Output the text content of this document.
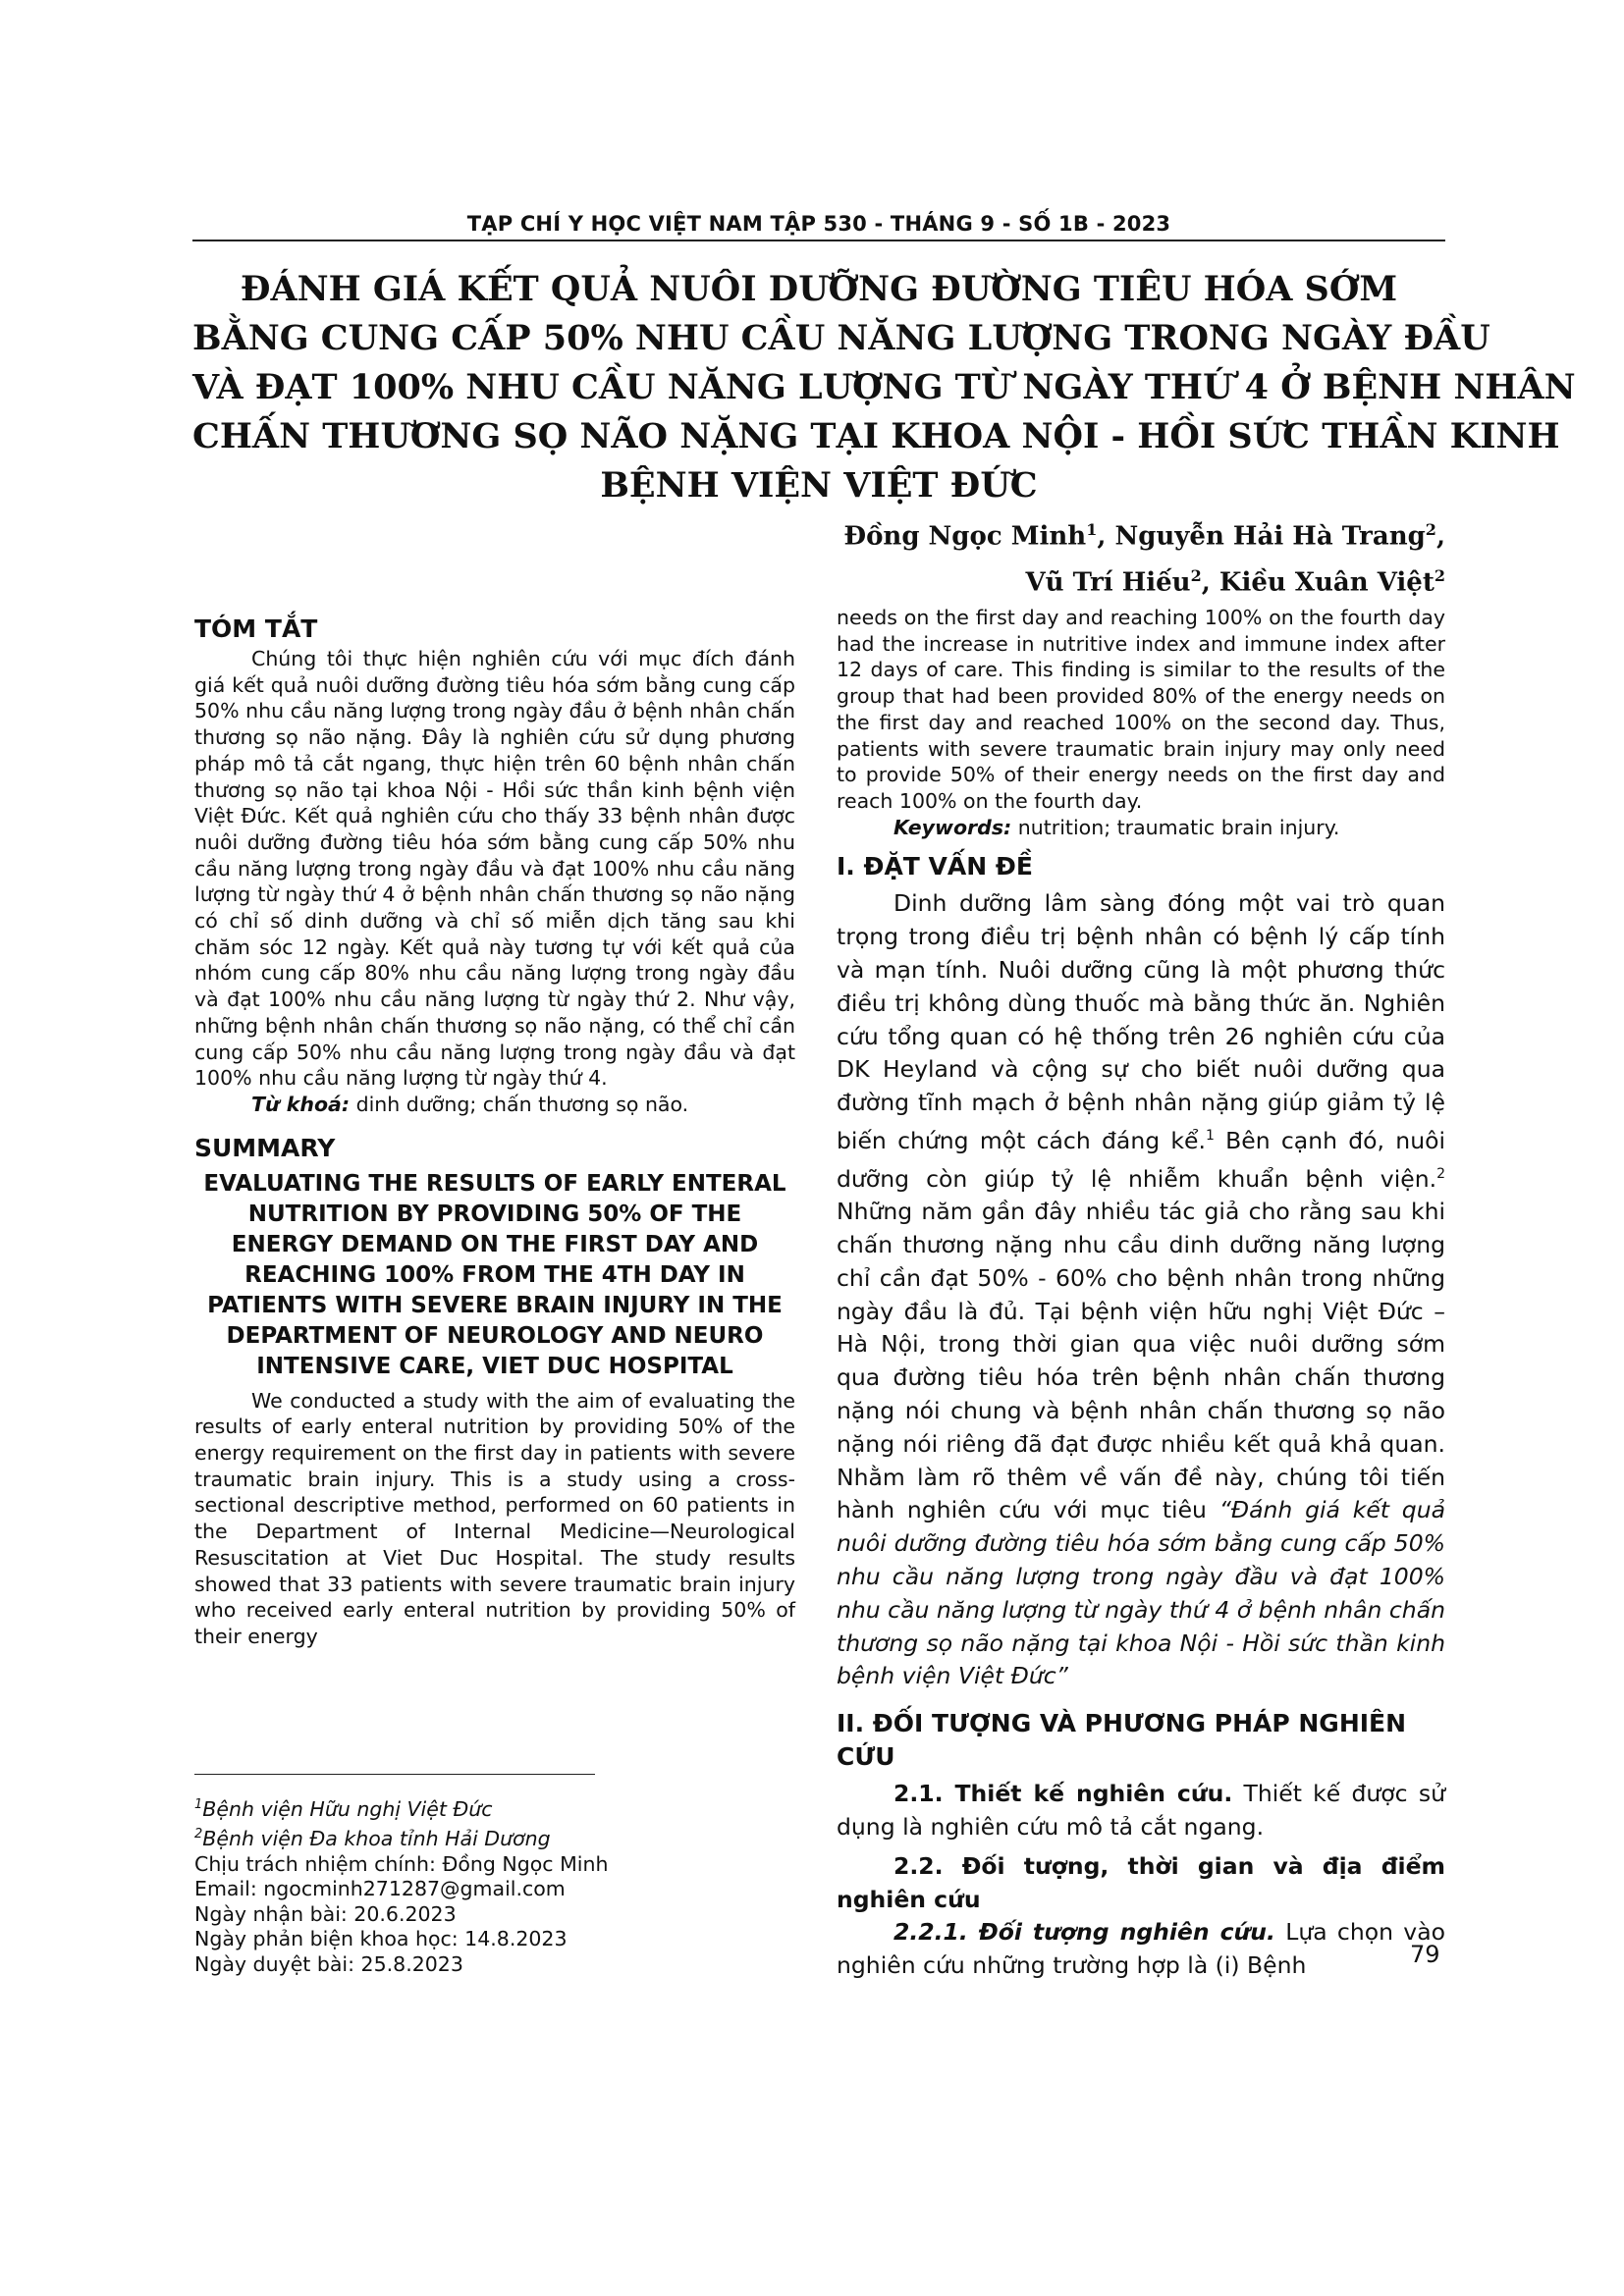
TẠP CHÍ Y HỌC VIỆT NAM TẬP 530 - THÁNG 9 - SỐ 1B - 2023
ĐÁNH GIÁ KẾT QUẢ NUÔI DƯỠNG ĐƯỜNG TIÊU HÓA SỚM
BẰNG CUNG CẤP 50% NHU CẦU NĂNG LƯỢNG TRONG NGÀY ĐẦU
VÀ ĐẠT 100% NHU CẦU NĂNG LƯỢNG TỪ NGÀY THỨ 4 Ở BỆNH NHÂN
CHẤN THƯƠNG SỌ NÃO NẶNG TẠI KHOA NỘI - HỒI SỨC THẦN KINH
BỆNH VIỆN VIỆT ĐỨC
Đồng Ngọc Minh$^1$, Nguyễn Hải Hà Trang$^2$,
Vũ Trí Hiếu$^2$, Kiều Xuân Việt$^2$
TÓM TẮT

Chúng tôi thực hiện nghiên cứu với mục đích đánh giá kết quả nuôi dưỡng đường tiêu hóa sớm bằng cung cấp 50% nhu cầu năng lượng trong ngày đầu ở bệnh nhân chấn thương sọ não nặng. Đây là nghiên cứu sử dụng phương pháp mô tả cắt ngang, thực hiện trên 60 bệnh nhân chấn thương sọ não tại khoa Nội - Hồi sức thần kinh bệnh viện Việt Đức. Kết quả nghiên cứu cho thấy 33 bệnh nhân được nuôi dưỡng đường tiêu hóa sớm bằng cung cấp 50% nhu cầu năng lượng trong ngày đầu và đạt 100% nhu cầu năng lượng từ ngày thứ 4 ở bệnh nhân chấn thương sọ não nặng có chỉ số dinh dưỡng và chỉ số miễn dịch tăng sau khi chăm sóc 12 ngày. Kết quả này tương tự với kết quả của nhóm cung cấp 80% nhu cầu năng lượng trong ngày đầu và đạt 100% nhu cầu năng lượng từ ngày thứ 2. Như vậy, những bệnh nhân chấn thương sọ não nặng, có thể chỉ cần cung cấp 50% nhu cầu năng lượng trong ngày đầu và đạt 100% nhu cầu năng lượng từ ngày thứ 4.

Từ khoá: dinh dưỡng; chấn thương sọ não.

SUMMARY
EVALUATING THE RESULTS OF EARLY ENTERAL NUTRITION BY PROVIDING 50% OF THE ENERGY DEMAND ON THE FIRST DAY AND REACHING 100% FROM THE 4TH DAY IN PATIENTS WITH SEVERE BRAIN INJURY IN THE DEPARTMENT OF NEUROLOGY AND NEURO INTENSIVE CARE, VIET DUC HOSPITAL

We conducted a study with the aim of evaluating the results of early enteral nutrition by providing 50% of the energy requirement on the first day in patients with severe traumatic brain injury. This is a study using a cross-sectional descriptive method, performed on 60 patients in the Department of Internal Medicine—Neurological Resuscitation at Viet Duc Hospital. The study results showed that 33 patients with severe traumatic brain injury who received early enteral nutrition by providing 50% of their energy

$^1$Bệnh viện Hữu nghị Việt Đức
$^2$Bệnh viện Đa khoa tỉnh Hải Dương
Chịu trách nhiệm chính: Đồng Ngọc Minh
Email: ngocminh271287@gmail.com
Ngày nhận bài: 20.6.2023
Ngày phản biện khoa học: 14.8.2023
Ngày duyệt bài: 25.8.2023

needs on the first day and reaching 100% on the fourth day had the increase in nutritive index and immune index after 12 days of care. This finding is similar to the results of the group that had been provided 80% of the energy needs on the first day and reached 100% on the second day. Thus, patients with severe traumatic brain injury may only need to provide 50% of their energy needs on the first day and reach 100% on the fourth day.

Keywords: nutrition; traumatic brain injury.

I. ĐẶT VẤN ĐỀ

Dinh dưỡng lâm sàng đóng một vai trò quan trọng trong điều trị bệnh nhân có bệnh lý cấp tính và mạn tính. Nuôi dưỡng cũng là một phương thức điều trị không dùng thuốc mà bằng thức ăn. Nghiên cứu tổng quan có hệ thống trên 26 nghiên cứu của DK Heyland và cộng sự cho biết nuôi dưỡng qua đường tĩnh mạch ở bệnh nhân nặng giúp giảm tỷ lệ biến chứng một cách đáng kể.$^1$ Bên cạnh đó, nuôi dưỡng còn giúp tỷ lệ nhiễm khuẩn bệnh viện.$^2$ Những năm gần đây nhiều tác giả cho rằng sau khi chấn thương nặng nhu cầu dinh dưỡng năng lượng chỉ cần đạt 50% - 60% cho bệnh nhân trong những ngày đầu là đủ. Tại bệnh viện hữu nghị Việt Đức – Hà Nội, trong thời gian qua việc nuôi dưỡng sớm qua đường tiêu hóa trên bệnh nhân chấn thương nặng nói chung và bệnh nhân chấn thương sọ não nặng nói riêng đã đạt được nhiều kết quả khả quan. Nhằm làm rõ thêm về vấn đề này, chúng tôi tiến hành nghiên cứu với mục tiêu “Đánh giá kết quả nuôi dưỡng đường tiêu hóa sớm bằng cung cấp 50% nhu cầu năng lượng trong ngày đầu và đạt 100% nhu cầu năng lượng từ ngày thứ 4 ở bệnh nhân chấn thương sọ não nặng tại khoa Nội - Hồi sức thần kinh bệnh viện Việt Đức”

II. ĐỐI TƯỢNG VÀ PHƯƠNG PHÁP NGHIÊN CỨU

2.1. Thiết kế nghiên cứu. Thiết kế được sử dụng là nghiên cứu mô tả cắt ngang.

2.2. Đối tượng, thời gian và địa điểm nghiên cứu

2.2.1. Đối tượng nghiên cứu. Lựa chọn vào nghiên cứu những trường hợp là (i) Bệnh	79
